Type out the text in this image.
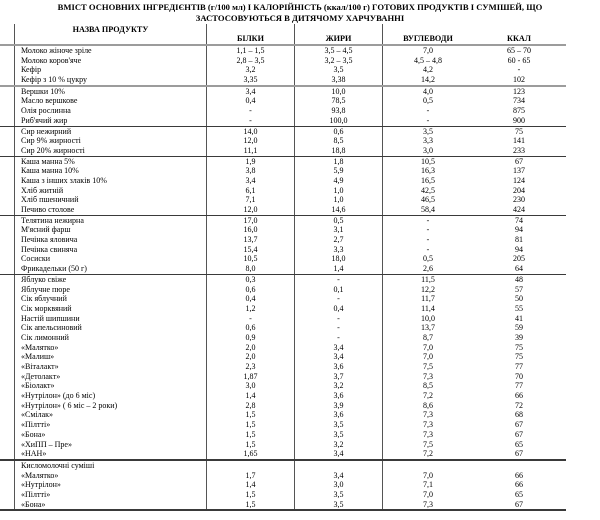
ВМІСТ ОСНОВНИХ ІНГРЕДІЄНТІВ (г/100 мл) І КАЛОРІЙНІСТЬ (ккал/100 г) ГОТОВИХ ПРОДУКТІВ І СУМІШЕЙ, ЩО
ЗАСТОСОВУЮТЬСЯ В ДИТЯЧОМУ ХАРЧУВАННІ
НАЗВА ПРОДУКТУ
БІЛКИ	ЖИРИ	ВУГЛЕВОДИ	ККАЛ
Молоко жіноче зріле	1,1 – 1,5	3,5 – 4,5	7,0	65 – 70
Молоко коров'яче	2,8 – 3,5	3,2 – 3,5	4,5 – 4,8	60 - 65
Кефір	3,2	3,5	4,2	-
Кефір з 10 % цукру	3,35	3,38	14,2	102
Вершки 10%	3,4	10,0	4,0	123
Масло вершкове	0,4	78,5	0,5	734
Олія рослинна	-	93,8	-	875
Риб'ячий жир	-	100,0	-	900
Сир нежирний	14,0	0,6	3,5	75
Сир 9% жирності	12,0	8,5	3,3	141
Сир 20% жирності	11,1	18,8	3,0	233
Каша манна 5%	1,9	1,8	10,5	67
Каша манна 10%	3,8	5,9	16,3	137
Каша з інших злаків 10%	3,4	4,9	16,5	124
Хліб житній	6,1	1,0	42,5	204
Хліб пшеничний	7,1	1,0	46,5	230
Печиво столове	12,0	14,6	58,4	424
Телятина нежирна	17,0	0,5	-	74
М'ясний фарш	16,0	3,1	-	94
Печінка яловича	13,7	2,7	-	81
Печінка свиняча	15,4	3,3	-	94
Сосиски	10,5	18,0	0,5	205
Фрикадельки (50 г)	8,0	1,4	2,6	64
Яблуко свіже	0,3	-	11,5	48
Яблучне пюре	0,6	0,1	12,2	57
Сік яблучний	0,4	-	11,7	50
Сік морквяний	1,2	0,4	11,4	55
Настій шипшини	-	-	10,0	41
Сік апельсиновий	0,6	-	13,7	59
Сік лимонний	0,9	-	8,7	39
«Малятко»	2,0	3,4	7,0	75
«Малиш»	2,0	3,4	7,0	75
«Віталакт»	2,3	3,6	7,5	77
«Детолакт»	1,87	3,7	7,3	70
«Біолакт»	3,0	3,2	8,5	77
«Нутрілон» (до 6 міс)	1,4	3,6	7,2	66
«Нутрілон» ( 6 міс – 2 роки)	2,8	3,9	8,6	72
«Смілак»	1,5	3,6	7,3	68
«Пілтті»	1,5	3,5	7,3	67
«Бона»	1,5	3,5	7,3	67
«ХиПП – Пре»	1,5	3,2	7,5	65
«НАН»	1,65	3,4	7,2	67
Кисломолочні суміші
«Малятко»	1,7	3,4	7,0	66
«Нутрілон»	1,4	3,0	7,1	66
«Пілтті»	1,5	3,5	7,0	65
«Бона»	1,5	3,5	7,3	67
